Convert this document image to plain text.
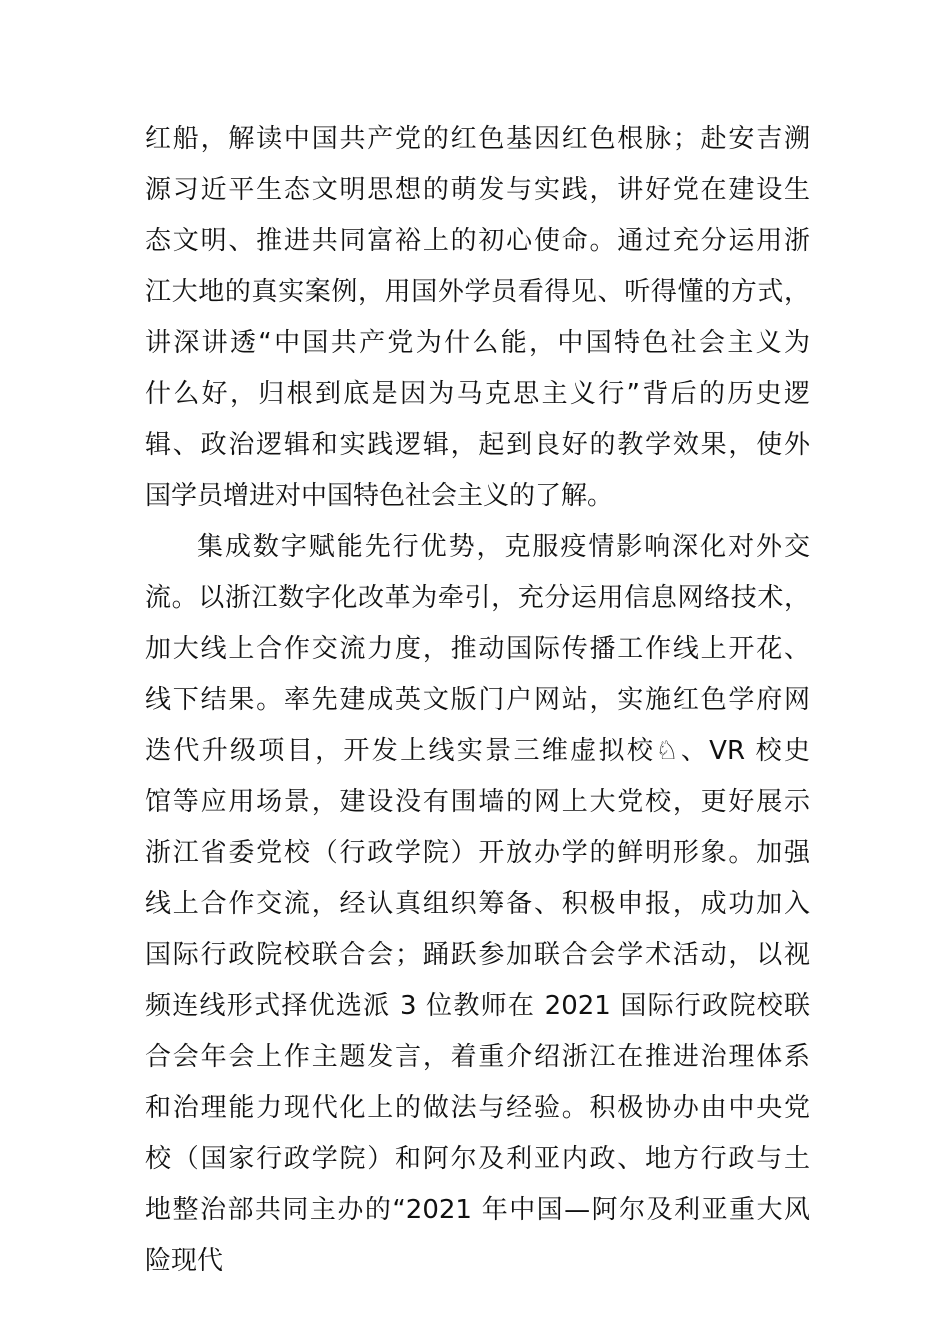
红船，解读中国共产党的红色基因红色根脉；赴安吉溯
源习近平生态文明思想的萌发与实践，讲好党在建设生
态文明、推进共同富裕上的初心使命。通过充分运用浙
江大地的真实案例，用国外学员看得见、听得懂的方式，
讲深讲透“中国共产党为什么能，中国特色社会主义为
什么好，归根到底是因为马克思主义行”背后的历史逻
辑、政治逻辑和实践逻辑，起到良好的教学效果，使外
国学员增进对中国特色社会主义的了解。
集成数字赋能先行优势，克服疫情影响深化对外交
流。以浙江数字化改革为牵引，充分运用信息网络技术，
加大线上合作交流力度，推动国际传播工作线上开花、
线下结果。率先建成英文版门户网站，实施红色学府网
迭代升级项目，开发上线实景三维虚拟校♘、VR 校史
馆等应用场景，建设没有围墙的网上大党校，更好展示
浙江省委党校（行政学院）开放办学的鲜明形象。加强
线上合作交流，经认真组织筹备、积极申报，成功加入
国际行政院校联合会；踊跃参加联合会学术活动，以视
频连线形式择优选派 3 位教师在 2021 国际行政院校联
合会年会上作主题发言，着重介绍浙江在推进治理体系
和治理能力现代化上的做法与经验。积极协办由中央党
校（国家行政学院）和阿尔及利亚内政、地方行政与土
地整治部共同主办的“2021 年中国—阿尔及利亚重大风
险现代
